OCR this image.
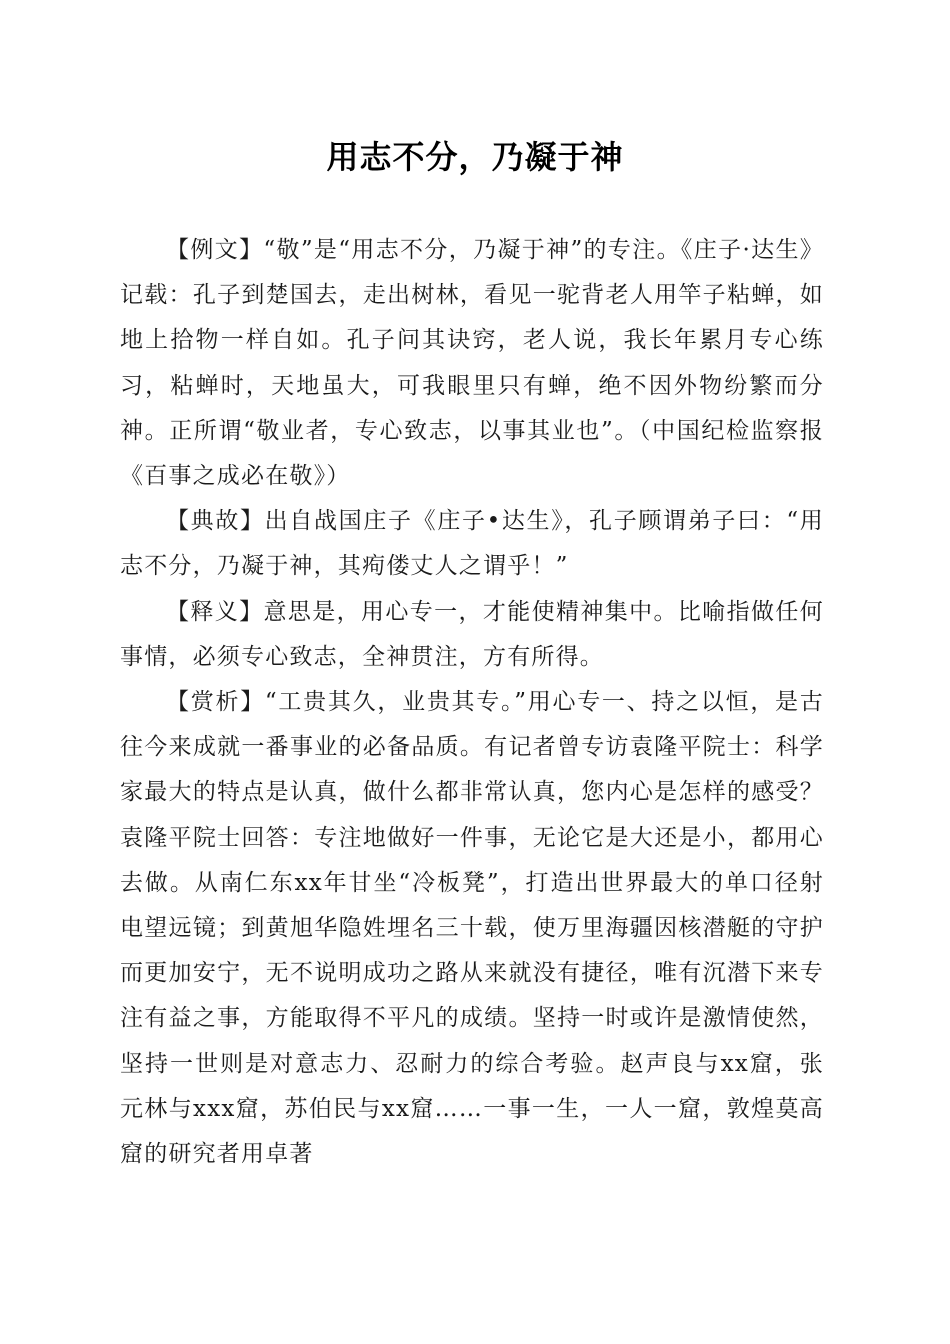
用志不分，乃凝于神

【例文】“敬”是“用志不分，乃凝于神”的专注。《庄子·达生》记载：孔子到楚国去，走出树林，看见一驼背老人用竿子粘蝉，如地上拾物一样自如。孔子问其诀窍，老人说，我长年累月专心练习，粘蝉时，天地虽大，可我眼里只有蝉，绝不因外物纷繁而分神。正所谓“敬业者，专心致志，以事其业也”。（中国纪检监察报《百事之成必在敬》）

【典故】出自战国庄子《庄子•达生》，孔子顾谓弟子曰：“用志不分，乃凝于神，其痀偻丈人之谓乎！”

【释义】意思是，用心专一，才能使精神集中。比喻指做任何事情，必须专心致志，全神贯注，方有所得。

【赏析】“工贵其久，业贵其专。”用心专一、持之以恒，是古往今来成就一番事业的必备品质。有记者曾专访袁隆平院士：科学家最大的特点是认真，做什么都非常认真，您内心是怎样的感受？袁隆平院士回答：专注地做好一件事，无论它是大还是小，都用心去做。从南仁东xx年甘坐“冷板凳”，打造出世界最大的单口径射电望远镜；到黄旭华隐姓埋名三十载，使万里海疆因核潜艇的守护而更加安宁，无不说明成功之路从来就没有捷径，唯有沉潜下来专注有益之事，方能取得不平凡的成绩。坚持一时或许是激情使然，坚持一世则是对意志力、忍耐力的综合考验。赵声良与xx窟，张元林与xxx窟，苏伯民与xx窟……一事一生，一人一窟，敦煌莫高窟的研究者用卓著
